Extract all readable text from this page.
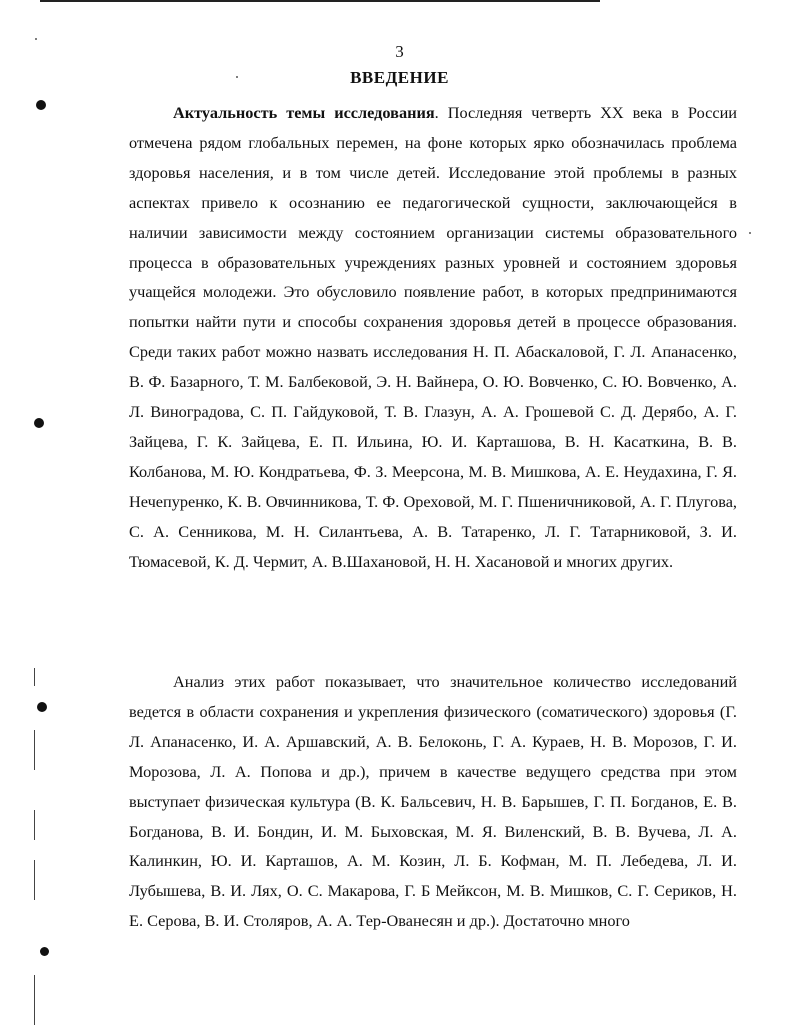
3
ВВЕДЕНИЕ

Актуальность темы исследования. Последняя четверть XX века в России отмечена рядом глобальных перемен, на фоне которых ярко обозначилась проблема здоровья населения, и в том числе детей. Исследование этой проблемы в разных аспектах привело к осознанию ее педагогической сущности, заключающейся в наличии зависимости между состоянием организации системы образовательного процесса в образовательных учреждениях разных уровней и состоянием здоровья учащейся молодежи. Это обусловило появление работ, в которых предпринимаются попытки найти пути и способы сохранения здоровья детей в процессе образования. Среди таких работ можно назвать исследования Н. П. Абаскаловой, Г. Л. Апанасенко, В. Ф. Базарного, Т. М. Балбековой, Э. Н. Вайнера, О. Ю. Вовченко, С. Ю. Вовченко, А. Л. Виноградова, С. П. Гайдуковой, Т. В. Глазун, А. А. Грошевой С. Д. Дерябо, А. Г. Зайцева, Г. К. Зайцева, Е. П. Ильина, Ю. И. Карташова, В. Н. Касаткина, В. В. Колбанова, М. Ю. Кондратьева, Ф. З. Меерсона, М. В. Мишкова, А. Е. Неудахина, Г. Я. Нечепуренко, К. В. Овчинникова, Т. Ф. Ореховой, М. Г. Пшеничниковой, А. Г. Плугова, С. А. Сенникова, М. Н. Силантьева, А. В. Татаренко, Л. Г. Татарниковой, З. И. Тюмасевой, К. Д. Чермит, А. В.Шахановой, Н. Н. Хасановой и многих других.

Анализ этих работ показывает, что значительное количество исследований ведется в области сохранения и укрепления физического (соматического) здоровья (Г. Л. Апанасенко, И. А. Аршавский, А. В. Белоконь, Г. А. Кураев, Н. В. Морозов, Г. И. Морозова, Л. А. Попова и др.), причем в качестве ведущего средства при этом выступает физическая культура (В. К. Бальсевич, Н. В. Барышев, Г. П. Богданов, Е. В. Богданова, В. И. Бондин, И. М. Быховская, М. Я. Виленский, В. В. Вучева, Л. А. Калинкин, Ю. И. Карташов, А. М. Козин, Л. Б. Кофман, М. П. Лебедева, Л. И. Лубышева, В. И. Лях, О. С. Макарова, Г. Б Мейксон, М. В. Мишков, С. Г. Сериков, Н. Е. Серова, В. И. Столяров, А. А. Тер-Ованесян и др.). Достаточно много
